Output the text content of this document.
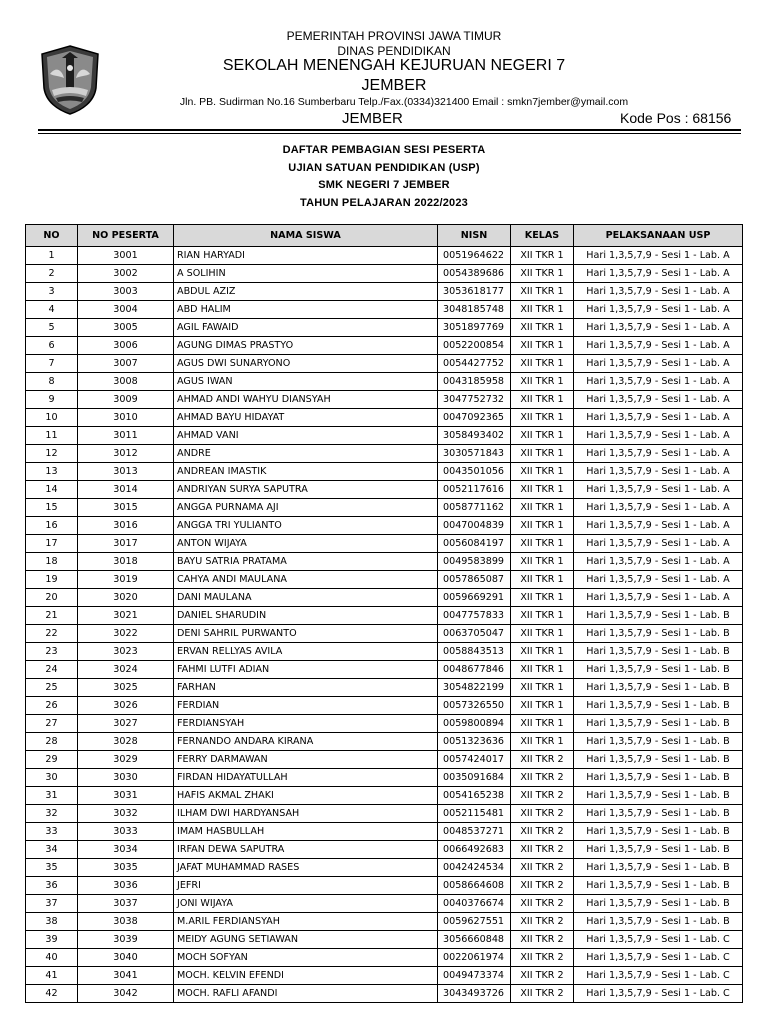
PEMERINTAH PROVINSI JAWA TIMUR
DINAS PENDIDIKAN
SEKOLAH MENENGAH KEJURUAN NEGERI 7
JEMBER
Jln. PB. Sudirman No.16 Sumberbaru Telp./Fax.(0334)321400 Email : smkn7jember@ymail.com
JEMBER	Kode Pos : 68156
DAFTAR PEMBAGIAN SESI PESERTA
UJIAN SATUAN PENDIDIKAN (USP)
SMK NEGERI 7 JEMBER
TAHUN PELAJARAN 2022/2023
NO	NO PESERTA	NAMA SISWA	NISN	KELAS	PELAKSANAAN USP
1	3001	RIAN HARYADI	0051964622	XII TKR 1	Hari 1,3,5,7,9 - Sesi 1 - Lab. A
2	3002	A SOLIHIN	0054389686	XII TKR 1	Hari 1,3,5,7,9 - Sesi 1 - Lab. A
3	3003	ABDUL AZIZ	3053618177	XII TKR 1	Hari 1,3,5,7,9 - Sesi 1 - Lab. A
4	3004	ABD HALIM	3048185748	XII TKR 1	Hari 1,3,5,7,9 - Sesi 1 - Lab. A
5	3005	AGIL FAWAID	3051897769	XII TKR 1	Hari 1,3,5,7,9 - Sesi 1 - Lab. A
6	3006	AGUNG DIMAS PRASTYO	0052200854	XII TKR 1	Hari 1,3,5,7,9 - Sesi 1 - Lab. A
7	3007	AGUS DWI SUNARYONO	0054427752	XII TKR 1	Hari 1,3,5,7,9 - Sesi 1 - Lab. A
8	3008	AGUS IWAN	0043185958	XII TKR 1	Hari 1,3,5,7,9 - Sesi 1 - Lab. A
9	3009	AHMAD ANDI WAHYU DIANSYAH	3047752732	XII TKR 1	Hari 1,3,5,7,9 - Sesi 1 - Lab. A
10	3010	AHMAD BAYU HIDAYAT	0047092365	XII TKR 1	Hari 1,3,5,7,9 - Sesi 1 - Lab. A
11	3011	AHMAD VANI	3058493402	XII TKR 1	Hari 1,3,5,7,9 - Sesi 1 - Lab. A
12	3012	ANDRE	3030571843	XII TKR 1	Hari 1,3,5,7,9 - Sesi 1 - Lab. A
13	3013	ANDREAN IMASTIK	0043501056	XII TKR 1	Hari 1,3,5,7,9 - Sesi 1 - Lab. A
14	3014	ANDRIYAN SURYA SAPUTRA	0052117616	XII TKR 1	Hari 1,3,5,7,9 - Sesi 1 - Lab. A
15	3015	ANGGA PURNAMA AJI	0058771162	XII TKR 1	Hari 1,3,5,7,9 - Sesi 1 - Lab. A
16	3016	ANGGA TRI YULIANTO	0047004839	XII TKR 1	Hari 1,3,5,7,9 - Sesi 1 - Lab. A
17	3017	ANTON WIJAYA	0056084197	XII TKR 1	Hari 1,3,5,7,9 - Sesi 1 - Lab. A
18	3018	BAYU SATRIA PRATAMA	0049583899	XII TKR 1	Hari 1,3,5,7,9 - Sesi 1 - Lab. A
19	3019	CAHYA ANDI MAULANA	0057865087	XII TKR 1	Hari 1,3,5,7,9 - Sesi 1 - Lab. A
20	3020	DANI MAULANA	0059669291	XII TKR 1	Hari 1,3,5,7,9 - Sesi 1 - Lab. A
21	3021	DANIEL SHARUDIN	0047757833	XII TKR 1	Hari 1,3,5,7,9 - Sesi 1 - Lab. B
22	3022	DENI SAHRIL PURWANTO	0063705047	XII TKR 1	Hari 1,3,5,7,9 - Sesi 1 - Lab. B
23	3023	ERVAN RELLYAS AVILA	0058843513	XII TKR 1	Hari 1,3,5,7,9 - Sesi 1 - Lab. B
24	3024	FAHMI LUTFI ADIAN	0048677846	XII TKR 1	Hari 1,3,5,7,9 - Sesi 1 - Lab. B
25	3025	FARHAN	3054822199	XII TKR 1	Hari 1,3,5,7,9 - Sesi 1 - Lab. B
26	3026	FERDIAN	0057326550	XII TKR 1	Hari 1,3,5,7,9 - Sesi 1 - Lab. B
27	3027	FERDIANSYAH	0059800894	XII TKR 1	Hari 1,3,5,7,9 - Sesi 1 - Lab. B
28	3028	FERNANDO ANDARA KIRANA	0051323636	XII TKR 1	Hari 1,3,5,7,9 - Sesi 1 - Lab. B
29	3029	FERRY DARMAWAN	0057424017	XII TKR 2	Hari 1,3,5,7,9 - Sesi 1 - Lab. B
30	3030	FIRDAN HIDAYATULLAH	0035091684	XII TKR 2	Hari 1,3,5,7,9 - Sesi 1 - Lab. B
31	3031	HAFIS AKMAL ZHAKI	0054165238	XII TKR 2	Hari 1,3,5,7,9 - Sesi 1 - Lab. B
32	3032	ILHAM DWI HARDYANSAH	0052115481	XII TKR 2	Hari 1,3,5,7,9 - Sesi 1 - Lab. B
33	3033	IMAM HASBULLAH	0048537271	XII TKR 2	Hari 1,3,5,7,9 - Sesi 1 - Lab. B
34	3034	IRFAN DEWA SAPUTRA	0066492683	XII TKR 2	Hari 1,3,5,7,9 - Sesi 1 - Lab. B
35	3035	JAFAT MUHAMMAD RASES	0042424534	XII TKR 2	Hari 1,3,5,7,9 - Sesi 1 - Lab. B
36	3036	JEFRI	0058664608	XII TKR 2	Hari 1,3,5,7,9 - Sesi 1 - Lab. B
37	3037	JONI WIJAYA	0040376674	XII TKR 2	Hari 1,3,5,7,9 - Sesi 1 - Lab. B
38	3038	M.ARIL FERDIANSYAH	0059627551	XII TKR 2	Hari 1,3,5,7,9 - Sesi 1 - Lab. B
39	3039	MEIDY AGUNG SETIAWAN	3056660848	XII TKR 2	Hari 1,3,5,7,9 - Sesi 1 - Lab. C
40	3040	MOCH SOFYAN	0022061974	XII TKR 2	Hari 1,3,5,7,9 - Sesi 1 - Lab. C
41	3041	MOCH. KELVIN EFENDI	0049473374	XII TKR 2	Hari 1,3,5,7,9 - Sesi 1 - Lab. C
42	3042	MOCH. RAFLI AFANDI	3043493726	XII TKR 2	Hari 1,3,5,7,9 - Sesi 1 - Lab. C
